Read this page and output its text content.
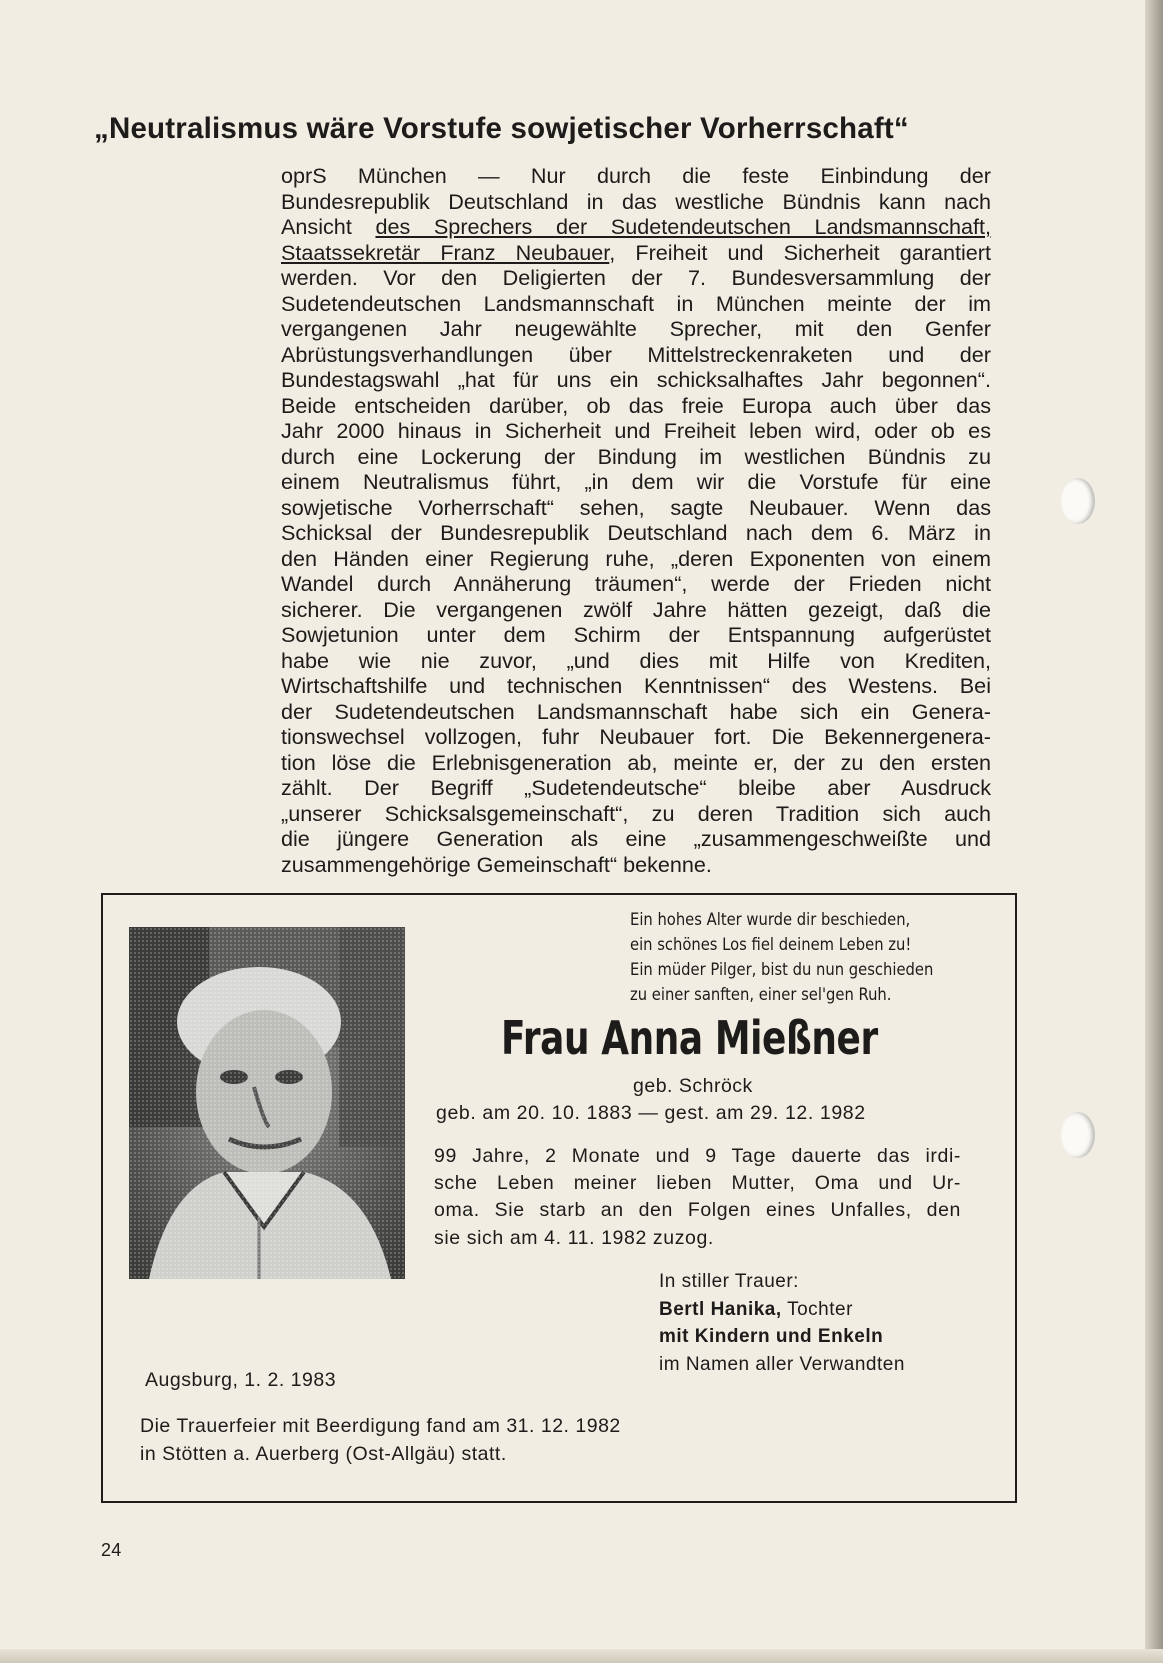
„Neutralismus wäre Vorstufe sowjetischer Vorherrschaft“

oprS München — Nur durch die feste Einbindung der
Bundesrepublik Deutschland in das westliche Bündnis kann nach
Ansicht des Sprechers der Sudetendeutschen Landsmannschaft,
Staatssekretär Franz Neubauer, Freiheit und Sicherheit garantiert
werden. Vor den Deligierten der 7. Bundesversammlung der
Sudetendeutschen Landsmannschaft in München meinte der im
vergangenen Jahr neugewählte Sprecher, mit den Genfer
Abrüstungsverhandlungen über Mittelstreckenraketen und der
Bundestagswahl „hat für uns ein schicksalhaftes Jahr begonnen“.
Beide entscheiden darüber, ob das freie Europa auch über das
Jahr 2000 hinaus in Sicherheit und Freiheit leben wird, oder ob es
durch eine Lockerung der Bindung im westlichen Bündnis zu
einem Neutralismus führt, „in dem wir die Vorstufe für eine
sowjetische Vorherrschaft“ sehen, sagte Neubauer. Wenn das
Schicksal der Bundesrepublik Deutschland nach dem 6. März in
den Händen einer Regierung ruhe, „deren Exponenten von einem
Wandel durch Annäherung träumen“, werde der Frieden nicht
sicherer. Die vergangenen zwölf Jahre hätten gezeigt, daß die
Sowjetunion unter dem Schirm der Entspannung aufgerüstet
habe wie nie zuvor, „und dies mit Hilfe von Krediten,
Wirtschaftshilfe und technischen Kenntnissen“ des Westens. Bei
der Sudetendeutschen Landsmannschaft habe sich ein Genera-
tionswechsel vollzogen, fuhr Neubauer fort. Die Bekennergenera-
tion löse die Erlebnisgeneration ab, meinte er, der zu den ersten
zählt. Der Begriff „Sudetendeutsche“ bleibe aber Ausdruck
„unserer Schicksalsgemeinschaft“, zu deren Tradition sich auch
die jüngere Generation als eine „zusammengeschweißte und
zusammengehörige Gemeinschaft“ bekenne.

Ein hohes Alter wurde dir beschieden,
ein schönes Los fiel deinem Leben zu!
Ein müder Pilger, bist du nun geschieden
zu einer sanften, einer sel'gen Ruh.
Frau Anna Mießner
geb. Schröck
geb. am 20. 10. 1883 — gest. am 29. 12. 1982
99 Jahre, 2 Monate und 9 Tage dauerte das irdi-
sche Leben meiner lieben Mutter, Oma und Ur-
oma. Sie starb an den Folgen eines Unfalles, den
sie sich am 4. 11. 1982 zuzog.
In stiller Trauer:
Bertl Hanika, Tochter
mit Kindern und Enkeln
im Namen aller Verwandten
Augsburg, 1. 2. 1983
Die Trauerfeier mit Beerdigung fand am 31. 12. 1982
in Stötten a. Auerberg (Ost-Allgäu) statt.
24
